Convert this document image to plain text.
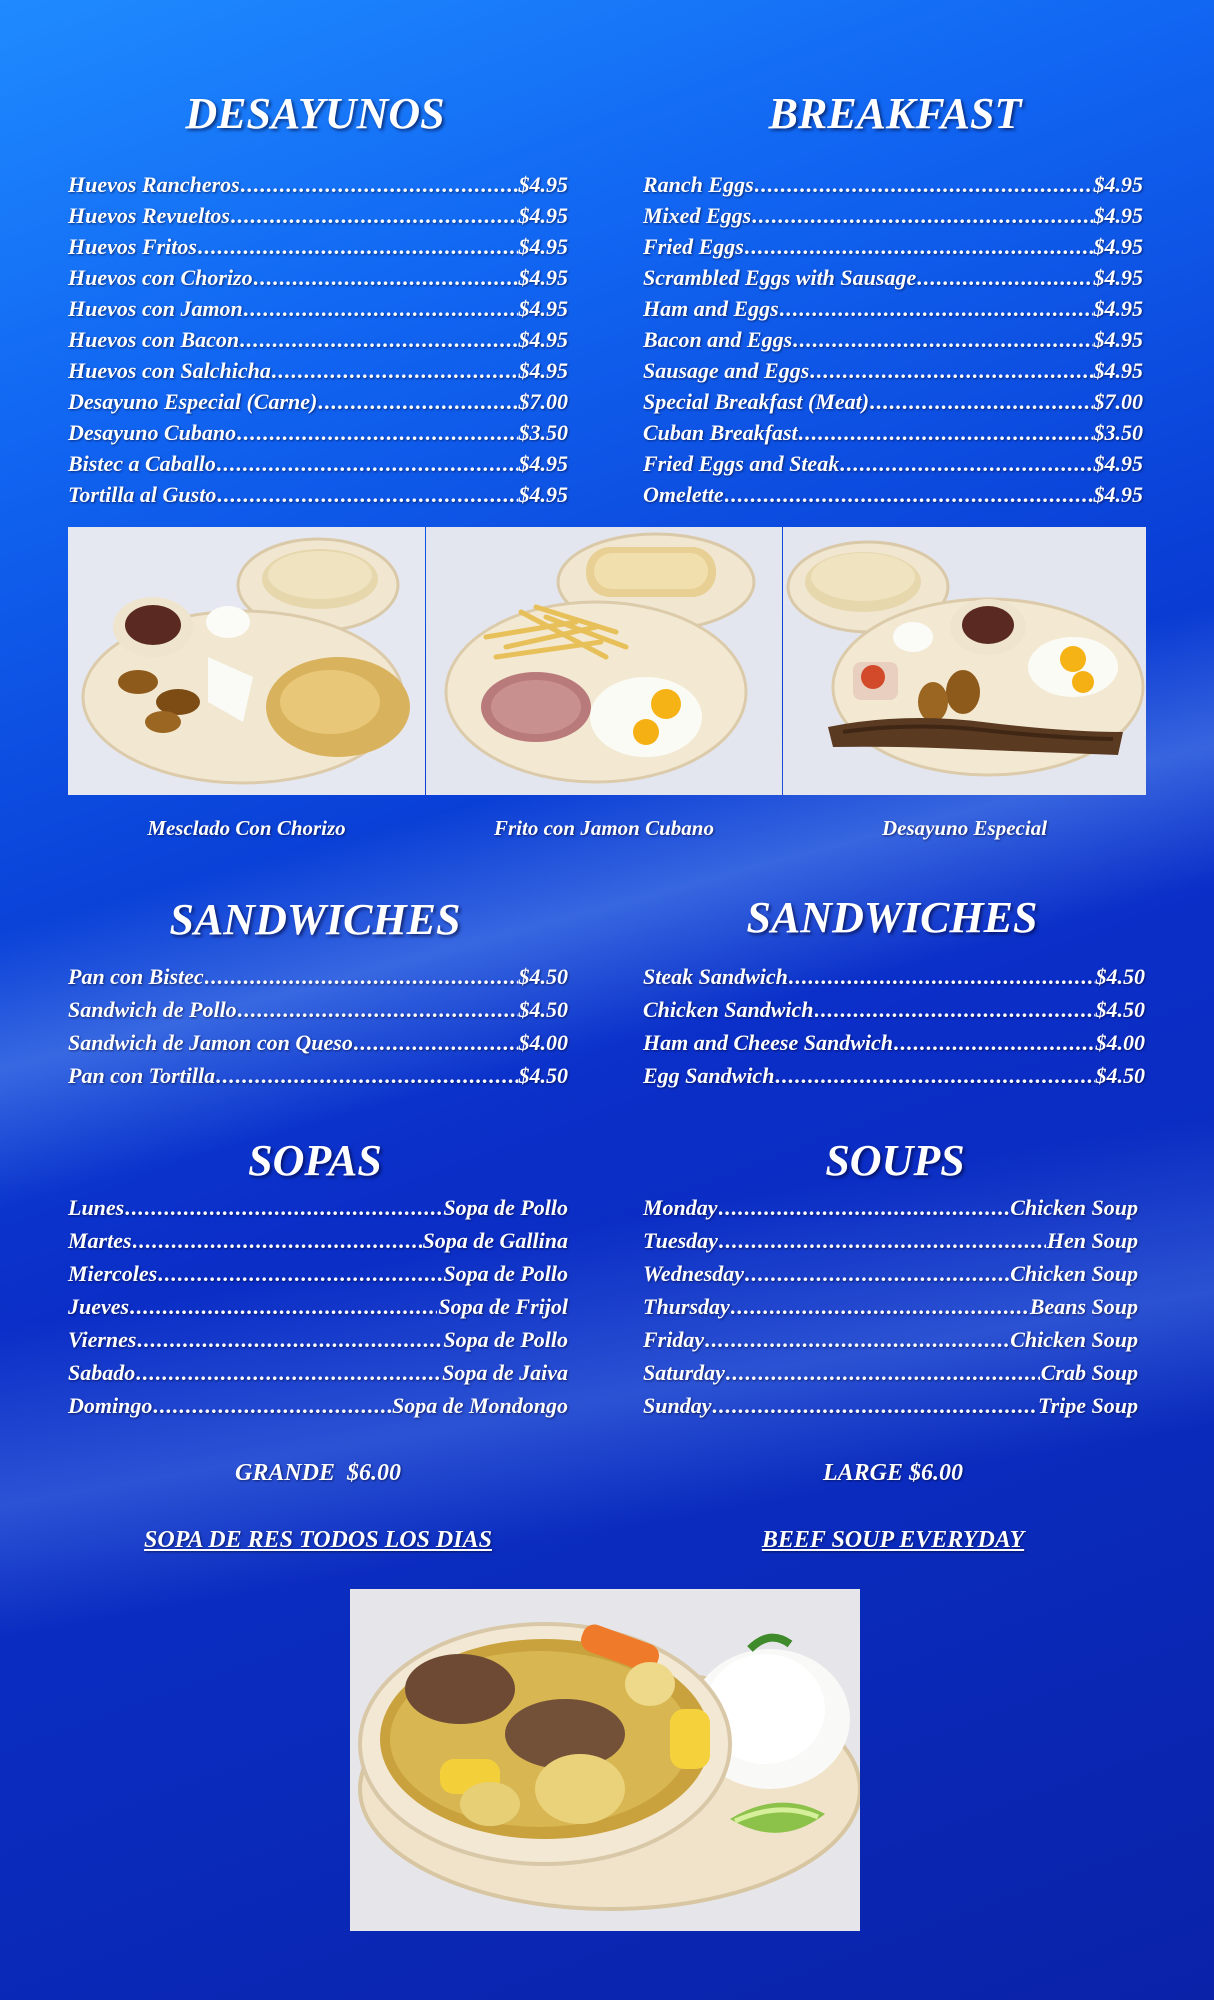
DESAYUNOS	BREAKFAST
Huevos Rancheros .....	$4.95
Huevos Revueltos .....	$4.95
Huevos Fritos .....	$4.95
Huevos con Chorizo .....	$4.95
Huevos con Jamon .....	$4.95
Huevos con Bacon .....	$4.95
Huevos con Salchicha .....	$4.95
Desayuno Especial (Carne) .....	$7.00
Desayuno Cubano .....	$3.50
Bistec a Caballo .....	$4.95
Tortilla al Gusto .....	$4.95
Ranch Eggs .....	$4.95
Mixed Eggs .....	$4.95
Fried Eggs .....	$4.95
Scrambled Eggs with Sausage .....	$4.95
Ham and Eggs .....	$4.95
Bacon and Eggs .....	$4.95
Sausage and Eggs .....	$4.95
Special Breakfast (Meat) .....	$7.00
Cuban Breakfast .....	$3.50
Fried Eggs and Steak .....	$4.95
Omelette .....	$4.95
Mesclado Con Chorizo	Frito con Jamon Cubano	Desayuno Especial
SANDWICHES	SANDWICHES
Pan con Bistec .....	$4.50
Sandwich de Pollo .....	$4.50
Sandwich de Jamon con Queso .....	$4.00
Pan con Tortilla .....	$4.50
Steak Sandwich .....	$4.50
Chicken Sandwich .....	$4.50
Ham and Cheese Sandwich .....	$4.00
Egg Sandwich .....	$4.50
SOPAS	SOUPS
Lunes .....	Sopa de Pollo
Martes .....	Sopa de Gallina
Miercoles .....	Sopa de Pollo
Jueves .....	Sopa de Frijol
Viernes .....	Sopa de Pollo
Sabado .....	Sopa de Jaiva
Domingo .....	Sopa de Mondongo
Monday .....	Chicken Soup
Tuesday .....	Hen Soup
Wednesday .....	Chicken Soup
Thursday .....	Beans Soup
Friday .....	Chicken Soup
Saturday .....	Crab Soup
Sunday .....	Tripe Soup
GRANDE  $6.00	LARGE $6.00
SOPA DE RES TODOS LOS DIAS	BEEF SOUP EVERYDAY
